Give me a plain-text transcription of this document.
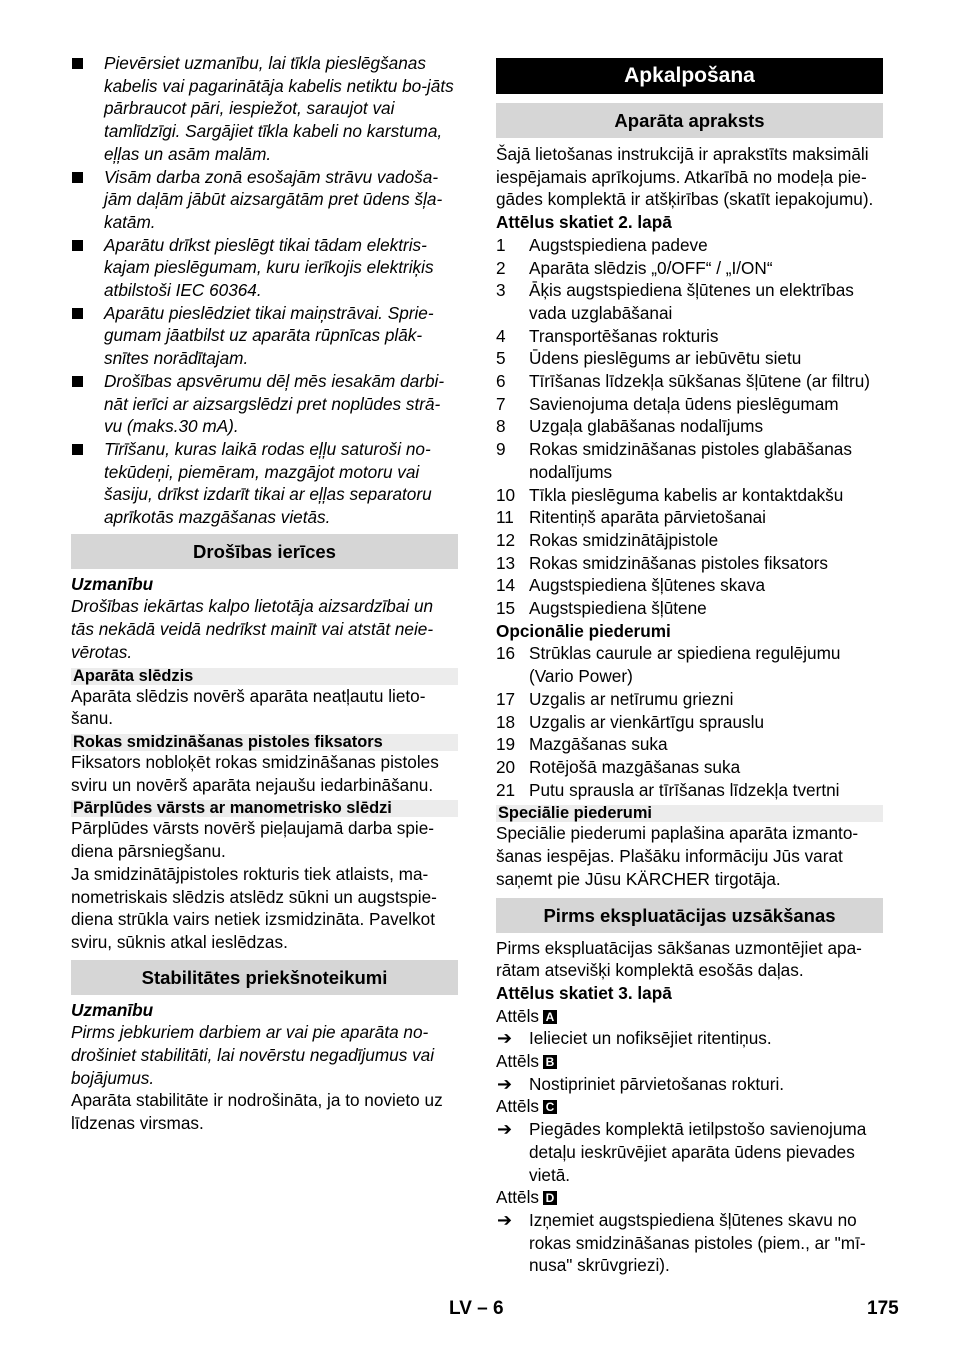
Pievērsiet uzmanību, lai tīkla pieslēgšanas kabelis vai pagarinātāja kabelis netiktu bo-jāts pārbraucot pāri, iespiežot, saraujot vai tamlīdzīgi. Sargājiet tīkla kabeli no karstuma, eļļas un asām malām.
Visām darba zonā esošajām strāvu vadoša-jām daļām jābūt aizsargātām pret ūdens šļa-katām.
Aparātu drīkst pieslēgt tikai tādam elektris-kajam pieslēgumam, kuru ierīkojis elektriķis atbilstoši IEC 60364.
Aparātu pieslēdziet tikai maiņstrāvai. Sprie-gumam jāatbilst uz aparāta rūpnīcas plāk-snītes norādītajam.
Drošības apsvērumu dēļ mēs iesakām darbi-nāt ierīci ar aizsargslēdzi pret noplūdes strā-vu (maks.30 mA).
Tīrīšanu, kuras laikā rodas eļļu saturoši no-tekūdeņi, piemēram, mazgājot motoru vai šasiju, drīkst izdarīt tikai ar eļļas separatoru aprīkotās mazgāšanas vietās.
Drošības ierīces

Uzmanību

Drošības iekārtas kalpo lietotāja aizsardzībai un tās nekādā veidā nedrīkst mainīt vai atstāt neie-vērotas.

Aparāta slēdzis

Aparāta slēdzis novērš aparāta neatļautu lieto-šanu.

Rokas smidzināšanas pistoles fiksators

Fiksators nobloķēt rokas smidzināšanas pistoles sviru un novērš aparāta nejaušu iedarbināšanu.

Pārplūdes vārsts ar manometrisko slēdzi

Pārplūdes vārsts novērš pieļaujamā darba spie-diena pārsniegšanu.

Ja smidzinātājpistoles rokturis tiek atlaists, ma-nometriskais slēdzis atslēdz sūkni un augstspie-diena strūkla vairs netiek izsmidzināta. Pavelkot sviru, sūknis atkal ieslēdzas.

Stabilitātes priekšnoteikumi

Uzmanību

Pirms jebkuriem darbiem ar vai pie aparāta no-drošiniet stabilitāti, lai novērstu negadījumus vai bojājumus.

Aparāta stabilitāte ir nodrošināta, ja to novieto uz līdzenas virsmas.

Apkalpošana
Aparāta apraksts

Šajā lietošanas instrukcijā ir aprakstīts maksimāli iespējamais aprīkojums. Atkarībā no modeļa pie-gādes komplektā ir atšķirības (skatīt iepakojumu).

Attēlus skatiet 2. lapā

1 Augstspiediena padeve
2 Aparāta slēdzis „0/OFF“ / „I/ON“
3 Āķis augstspiediena šļūtenes un elektrības vada uzglabāšanai
4 Transportēšanas rokturis
5 Ūdens pieslēgums ar iebūvētu sietu
6 Tīrīšanas līdzekļa sūkšanas šļūtene (ar filtru)
7 Savienojuma detaļa ūdens pieslēgumam
8 Uzgaļa glabāšanas nodalījums
9 Rokas smidzināšanas pistoles glabāšanas nodalījums
10 Tīkla pieslēguma kabelis ar kontaktdakšu
11 Ritentiņš aparāta pārvietošanai
12 Rokas smidzinātājpistole
13 Rokas smidzināšanas pistoles fiksators
14 Augstspiediena šļūtenes skava
15 Augstspiediena šļūtene

Opcionālie piederumi

16 Strūklas caurule ar spiediena regulējumu (Vario Power)
17 Uzgalis ar netīrumu griezni
18 Uzgalis ar vienkārtīgu sprauslu
19 Mazgāšanas suka
20 Rotējošā mazgāšanas suka
21 Putu sprausla ar tīrīšanas līdzekļa tvertni
Speciālie piederumi

Speciālie piederumi paplašina aparāta izmanto-šanas iespējas. Plašāku informāciju Jūs varat saņemt pie Jūsu KÄRCHER tirgotāja.

Pirms ekspluatācijas uzsākšanas

Pirms ekspluatācijas sākšanas uzmontējiet apa-rātam atsevišķi komplektā esošās daļas.

Attēlus skatiet 3. lapā

Attēls A

➔ Ielieciet un nofiksējiet ritentiņus.

Attēls B

➔ Nostipriniet pārvietošanas rokturi.

Attēls C

➔ Piegādes komplektā ietilpstošo savienojuma detaļu ieskrūvējiet aparāta ūdens pievades vietā.

Attēls D

➔ Izņemiet augstspiediena šļūtenes skavu no rokas smidzināšanas pistoles (piem., ar "mī-nusa" skrūvgriezi).
LV – 6	175
